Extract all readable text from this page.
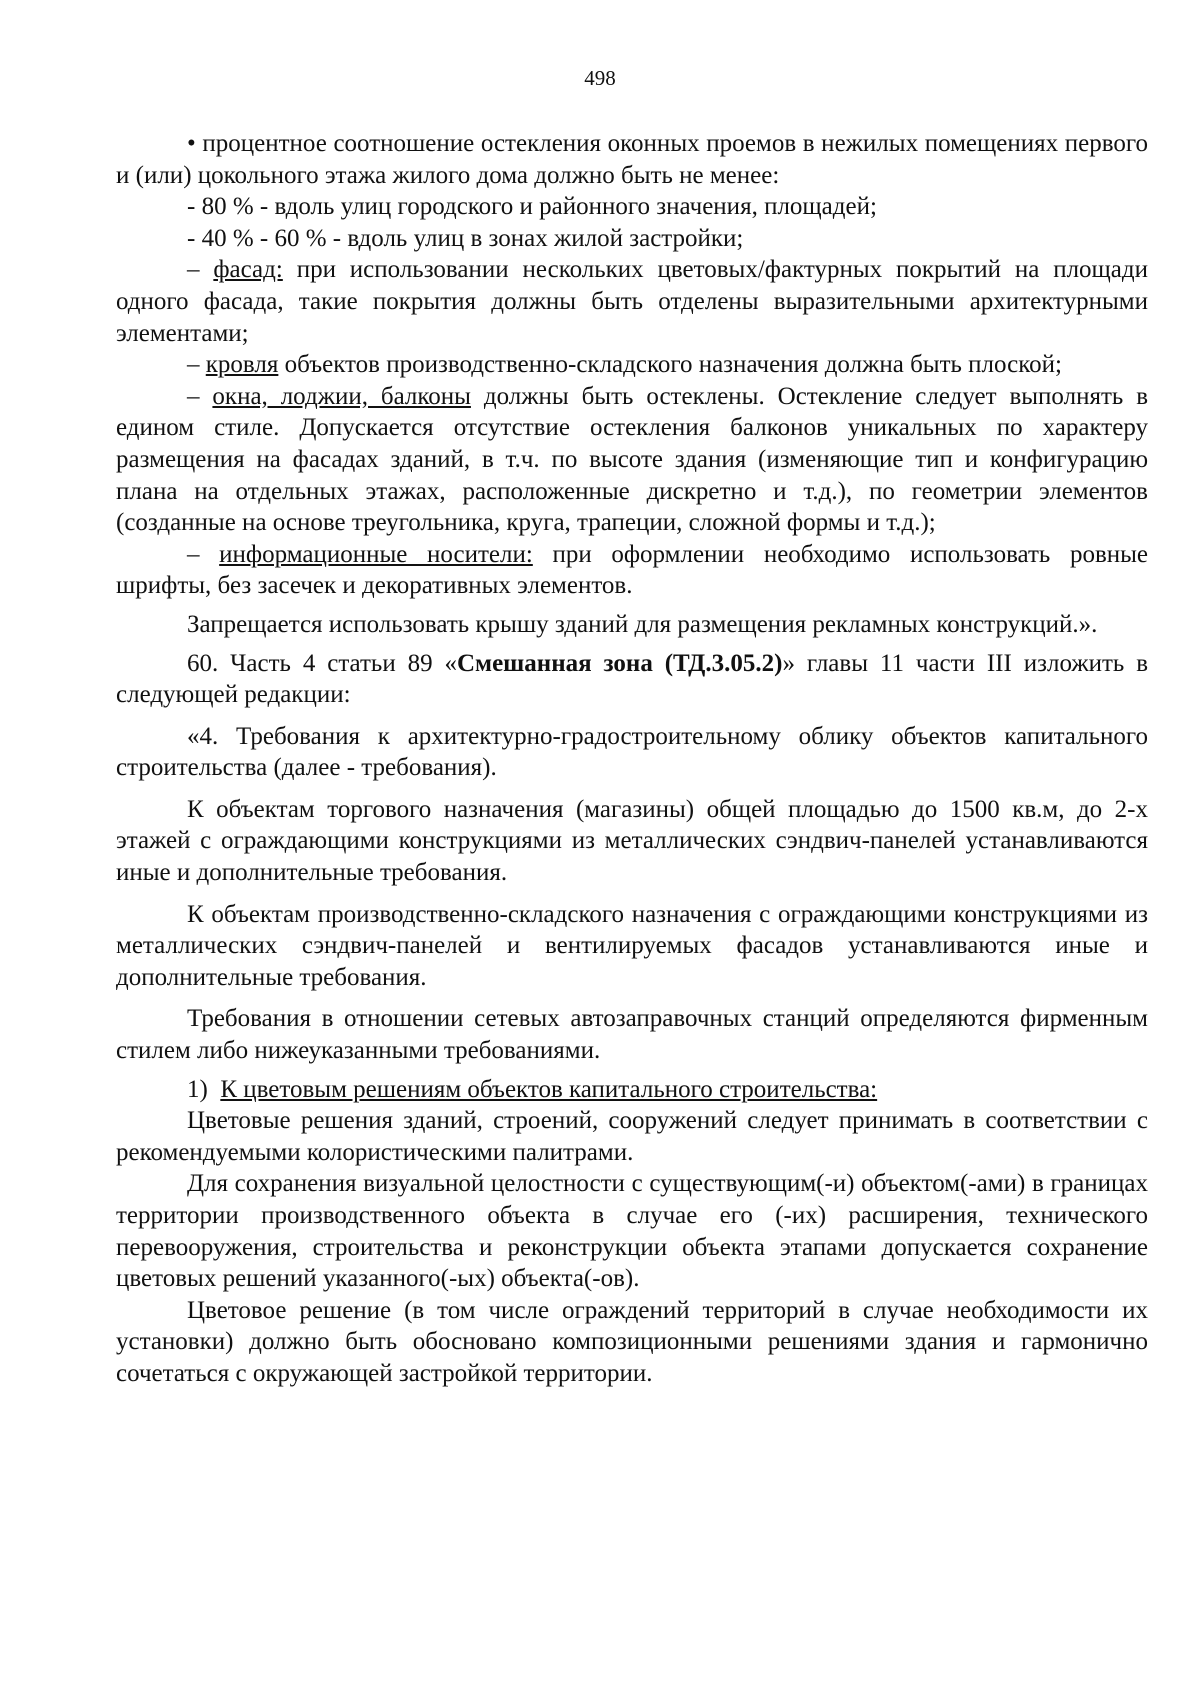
498

• процентное соотношение остекления оконных проемов в нежилых помещениях первого и (или) цокольного этажа жилого дома должно быть не менее:

- 80 % - вдоль улиц городского и районного значения, площадей;

- 40 % - 60 % - вдоль улиц в зонах жилой застройки;

– фасад: при использовании нескольких цветовых/фактурных покрытий на площади одного фасада, такие покрытия должны быть отделены выразительными архитектурными элементами;

– кровля объектов производственно-складского назначения должна быть плоской;

– окна, лоджии, балконы должны быть остеклены. Остекление следует выполнять в едином стиле. Допускается отсутствие остекления балконов уникальных по характеру размещения на фасадах зданий, в т.ч. по высоте здания (изменяющие тип и конфигурацию плана на отдельных этажах, расположенные дискретно и т.д.), по геометрии элементов (созданные на основе треугольника, круга, трапеции, сложной формы и т.д.);

– информационные носители: при оформлении необходимо использовать ровные шрифты, без засечек и декоративных элементов.

Запрещается использовать крышу зданий для размещения рекламных конструкций.».

60. Часть 4 статьи 89 «Смешанная зона (ТД.3.05.2)» главы 11 части III изложить в следующей редакции:

«4. Требования к архитектурно-градостроительному облику объектов капитального строительства (далее - требования).

К объектам торгового назначения (магазины) общей площадью до 1500 кв.м, до 2-х этажей с ограждающими конструкциями из металлических сэндвич-панелей устанавливаются иные и дополнительные требования.

К объектам производственно-складского назначения с ограждающими конструкциями из металлических сэндвич-панелей и вентилируемых фасадов устанавливаются иные и дополнительные требования.

Требования в отношении сетевых автозаправочных станций определяются фирменным стилем либо нижеуказанными требованиями.

1) К цветовым решениям объектов капитального строительства:

Цветовые решения зданий, строений, сооружений следует принимать в соответствии с рекомендуемыми колористическими палитрами.

Для сохранения визуальной целостности с существующим(-и) объектом(-ами) в границах территории производственного объекта в случае его (-их) расширения, технического перевооружения, строительства и реконструкции объекта этапами допускается сохранение цветовых решений указанного(-ых) объекта(-ов).

Цветовое решение (в том числе ограждений территорий в случае необходимости их установки) должно быть обосновано композиционными решениями здания и гармонично сочетаться с окружающей застройкой территории.
